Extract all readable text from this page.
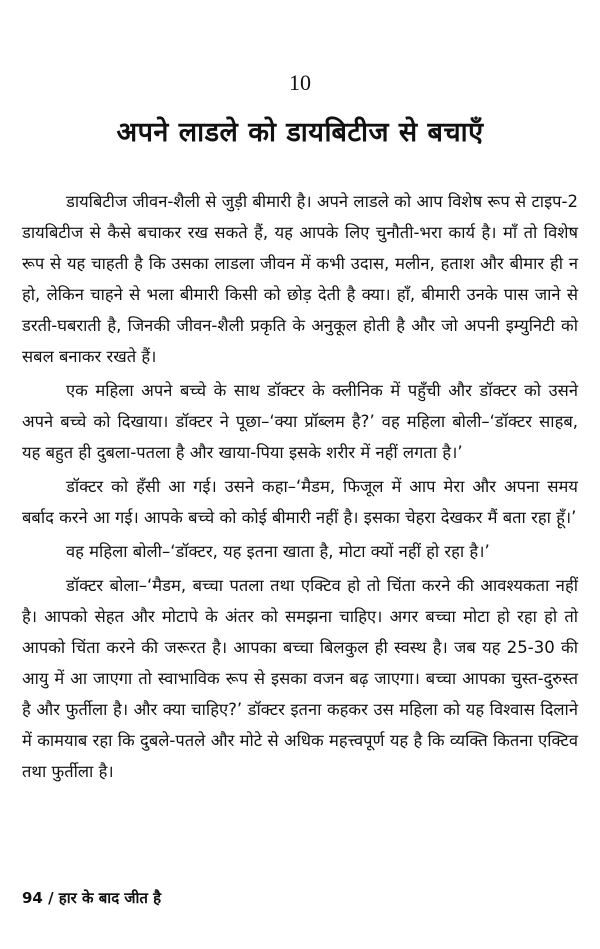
10
अपने लाडले को डायबिटीज से बचाएँ

डायबिटीज जीवन-शैली से जुड़ी बीमारी है। अपने लाडले को आप विशेष रूप से टाइप-2 डायबिटीज से कैसे बचाकर रख सकते हैं, यह आपके लिए चुनौती-भरा कार्य है। माँ तो विशेष रूप से यह चाहती है कि उसका लाडला जीवन में कभी उदास, मलीन, हताश और बीमार ही न हो, लेकिन चाहने से भला बीमारी किसी को छोड़ देती है क्या। हाँ, बीमारी उनके पास जाने से डरती-घबराती है, जिनकी जीवन-शैली प्रकृति के अनुकूल होती है और जो अपनी इम्युनिटी को सबल बनाकर रखते हैं।

एक महिला अपने बच्चे के साथ डॉक्टर के क्लीनिक में पहुँची और डॉक्टर को उसने अपने बच्चे को दिखाया। डॉक्टर ने पूछा–‘क्या प्रॉब्लम है?’ वह महिला बोली–‘डॉक्टर साहब, यह बहुत ही दुबला-पतला है और खाया-पिया इसके शरीर में नहीं लगता है।’

डॉक्टर को हँसी आ गई। उसने कहा–‘मैडम, फिजूल में आप मेरा और अपना समय बर्बाद करने आ गई। आपके बच्चे को कोई बीमारी नहीं है। इसका चेहरा देखकर मैं बता रहा हूँ।’

वह महिला बोली–‘डॉक्टर, यह इतना खाता है, मोटा क्यों नहीं हो रहा है।’

डॉक्टर बोला–‘मैडम, बच्चा पतला तथा एक्टिव हो तो चिंता करने की आवश्यकता नहीं है। आपको सेहत और मोटापे के अंतर को समझना चाहिए। अगर बच्चा मोटा हो रहा हो तो आपको चिंता करने की जरूरत है। आपका बच्चा बिलकुल ही स्वस्थ है। जब यह 25-30 की आयु में आ जाएगा तो स्वाभाविक रूप से इसका वजन बढ़ जाएगा। बच्चा आपका चुस्त-दुरुस्त है और फुर्तीला है। और क्या चाहिए?’ डॉक्टर इतना कहकर उस महिला को यह विश्वास दिलाने में कामयाब रहा कि दुबले-पतले और मोटे से अधिक महत्त्वपूर्ण यह है कि व्यक्ति कितना एक्टिव तथा फुर्तीला है।

94 / हार के बाद जीत है
